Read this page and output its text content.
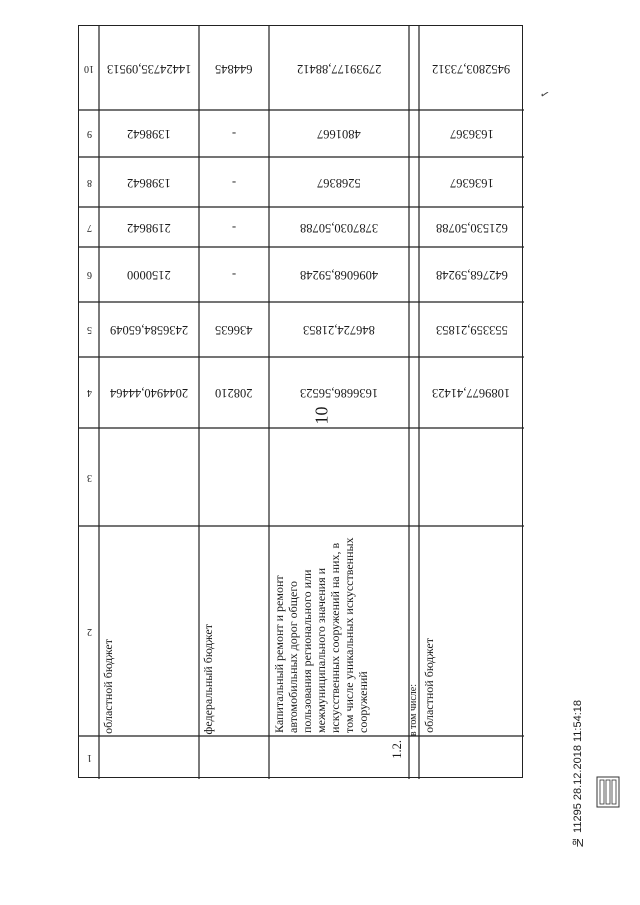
10
✓
1
2
3
4
5
6
7
8
9
10
областной бюджет
2044940,44464
2436584,65049
2150000
2198642
1398642
1398642
14424735,09513
федеральный бюджет
208210
436635
-
-
-
-
644845
1.2.
Капитальный ремонт и ремонт автомобильных дорог общего пользования регионального или межмуниципального значения и искусственных сооружений на них, в том числе уникальных искусственных сооружений
1636686,56523
846724,21853
4096068,59248
3787030,50788
5268367
4801667
27939177,88412
в том числе: областной бюджет
1089677,41423
553359,21853
642768,59248
621530,50788
1636367
1636367
9452803,73312
№ 11295 28.12.2018 11:54:18
